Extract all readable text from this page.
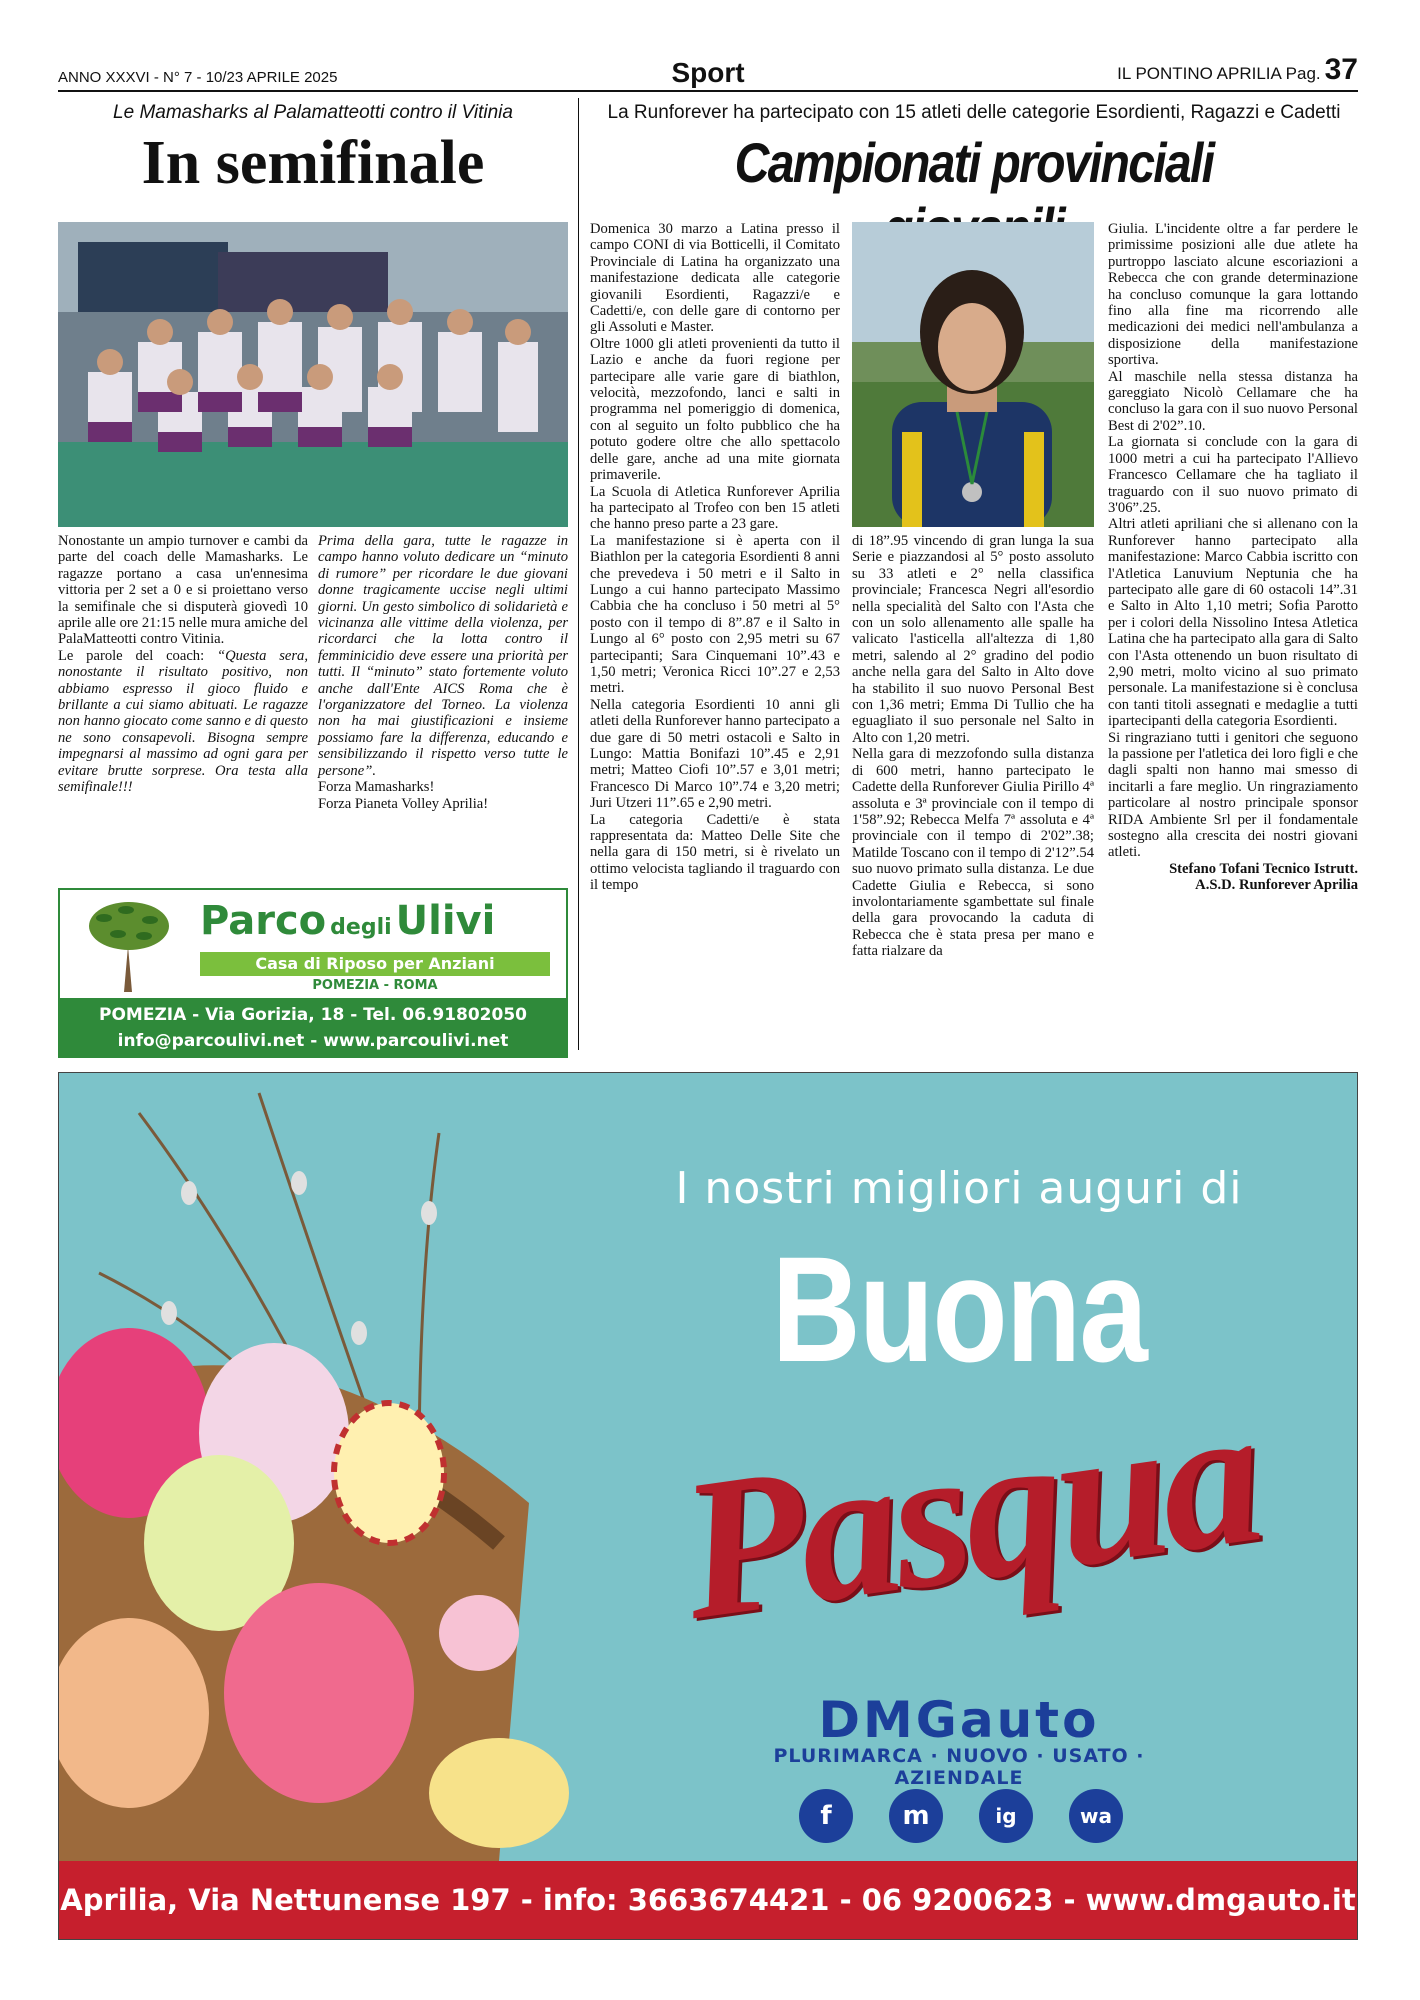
ANNO XXXVI - N° 7 - 10/23 APRILE 2025	Sport	IL PONTINO APRILIA Pag. 37
Le Mamasharks al Palamatteotti contro il Vitinia
In semifinale

Nonostante un ampio turnover e cambi da parte del coach delle Mamasharks. Le ragazze portano a casa un'ennesima vittoria per 2 set a 0 e si proiettano verso la semifinale che si disputerà giovedì 10 aprile alle ore 21:15 nelle mura amiche del PalaMatteotti contro Vitinia.

Le parole del coach: “Questa sera, nonostante il risultato positivo, non abbiamo espresso il gioco fluido e brillante a cui siamo abituati. Le ragazze non hanno giocato come sanno e di questo ne sono consapevoli. Bisogna sempre impegnarsi al massimo ad ogni gara per evitare brutte sorprese. Ora testa alla semifinale!!!

Prima della gara, tutte le ragazze in campo hanno voluto dedicare un “minuto di rumore” per ricordare le due giovani donne tragicamente uccise negli ultimi giorni. Un gesto simbolico di solidarietà e vicinanza alle vittime della violenza, per ricordarci che la lotta contro il femminicidio deve essere una priorità per tutti. Il “minuto” stato fortemente voluto anche dall'Ente AICS Roma che è l'organizzatore del Torneo. La violenza non ha mai giustificazioni e insieme possiamo fare la differenza, educando e sensibilizzando il rispetto verso tutte le persone”.

Forza Mamasharks!

Forza Pianeta Volley Aprilia!

Parco degli Ulivi
Casa di Riposo per Anziani
POMEZIA - ROMA
POMEZIA - Via Gorizia, 18 - Tel. 06.91802050
info@parcoulivi.net - www.parcoulivi.net
La Runforever ha partecipato con 15 atleti delle categorie Esordienti, Ragazzi e Cadetti
Campionati provinciali

Domenica 30 marzo a Latina presso il campo CONI di via Botticelli, il Comitato Provinciale di Latina ha organizzato una manifestazione dedicata alle categorie giovanili Esordienti, Ragazzi/e e Cadetti/e, con delle gare di contorno per gli Assoluti e Master.

Oltre 1000 gli atleti provenienti da tutto il Lazio e anche da fuori regione per partecipare alle varie gare di biathlon, velocità, mezzofondo, lanci e salti in programma nel pomeriggio di domenica, con al seguito un folto pubblico che ha potuto godere oltre che allo spettacolo delle gare, anche ad una mite giornata primaverile.

La Scuola di Atletica Runforever Aprilia ha partecipato al Trofeo con ben 15 atleti che hanno preso parte a 23 gare.

La manifestazione si è aperta con il Biathlon per la categoria Esordienti 8 anni che prevedeva i 50 metri e il Salto in Lungo a cui hanno partecipato Massimo Cabbia che ha concluso i 50 metri al 5° posto con il tempo di 8”.87 e il Salto in Lungo al 6° posto con 2,95 metri su 67 partecipanti; Sara Cinquemani 10”.43 e 1,50 metri; Veronica Ricci 10”.27 e 2,53 metri.

Nella categoria Esordienti 10 anni gli atleti della Runforever hanno partecipato a due gare di 50 metri ostacoli e Salto in Lungo: Mattia Bonifazi 10”.45 e 2,91 metri; Matteo Ciofi 10”.57 e 3,01 metri; Francesco Di Marco 10”.74 e 3,20 metri; Juri Utzeri 11”.65 e 2,90 metri.

La categoria Cadetti/e è stata rappresentata da: Matteo Delle Site che nella gara di 150 metri, si è rivelato un ottimo velocista tagliando il traguardo con il tempo

di 18”.95 vincendo di gran lunga la sua Serie e piazzandosi al 5° posto assoluto su 33 atleti e 2° nella classifica provinciale; Francesca Negri all'esordio nella specialità del Salto con l'Asta che con un solo allenamento alle spalle ha valicato l'asticella all'altezza di 1,80 metri, salendo al 2° gradino del podio anche nella gara del Salto in Alto dove ha stabilito il suo nuovo Personal Best con 1,36 metri; Emma Di Tullio che ha eguagliato il suo personale nel Salto in Alto con 1,20 metri.

Nella gara di mezzofondo sulla distanza di 600 metri, hanno partecipato le Cadette della Runforever Giulia Pirillo 4ª assoluta e 3ª provinciale con il tempo di 1'58”.92; Rebecca Melfa 7ª assoluta e 4ª provinciale con il tempo di 2'02”.38; Matilde Toscano con il tempo di 2'12”.54 suo nuovo primato sulla distanza. Le due Cadette Giulia e Rebecca, si sono involontariamente sgambettate sul finale della gara provocando la caduta di Rebecca che è stata presa per mano e fatta rialzare da

Giulia. L'incidente oltre a far perdere le primissime posizioni alle due atlete ha purtroppo lasciato alcune escoriazioni a Rebecca che con grande determinazione ha concluso comunque la gara lottando fino alla fine ma ricorrendo alle medicazioni dei medici nell'ambulanza a disposizione della manifestazione sportiva.

Al maschile nella stessa distanza ha gareggiato Nicolò Cellamare che ha concluso la gara con il suo nuovo Personal Best di 2'02”.10.

La giornata si conclude con la gara di 1000 metri a cui ha partecipato l'Allievo Francesco Cellamare che ha tagliato il traguardo con il suo nuovo primato di 3'06”.25.

Altri atleti apriliani che si allenano con la Runforever hanno partecipato alla manifestazione: Marco Cabbia iscritto con l'Atletica Lanuvium Neptunia che ha partecipato alle gare di 60 ostacoli 14”.31 e Salto in Alto 1,10 metri; Sofia Parotto per i colori della Nissolino Intesa Atletica Latina che ha partecipato alla gara di Salto con l'Asta ottenendo un buon risultato di 2,90 metri, molto vicino al suo primato personale. La manifestazione si è conclusa con tanti titoli assegnati e medaglie a tutti ipartecipanti della categoria Esordienti.

Si ringraziano tutti i genitori che seguono la passione per l'atletica dei loro figli e che dagli spalti non hanno mai smesso di incitarli a fare meglio. Un ringraziamento particolare al nostro principale sponsor RIDA Ambiente Srl per il fondamentale sostegno alla crescita dei nostri giovani atleti.

Stefano Tofani Tecnico Istrutt.

A.S.D. Runforever Aprilia

I nostri migliori auguri di
Buona
Pasqua
DMGauto
PLURIMARCA · NUOVO · USATO · AZIENDALE
f	m	ig	wa
Aprilia, Via Nettunense 197 - info: 3663674421 - 06 9200623 - www.dmgauto.it
